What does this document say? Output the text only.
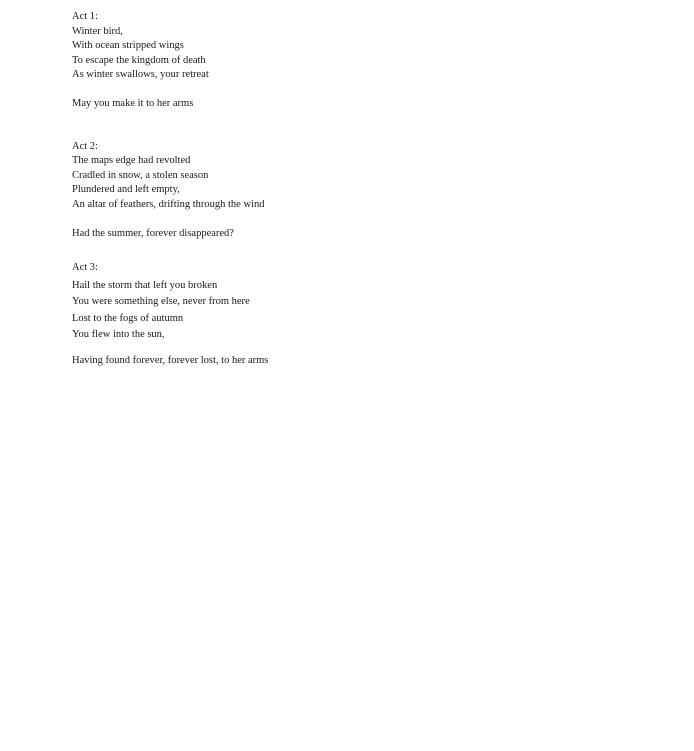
Act 1:
Winter bird,
With ocean stripped wings
To escape the kingdom of death
As winter swallows, your retreat
May you make it to her arms
Act 2:
The maps edge had revolted
Cradled in snow, a stolen season
Plundered and left empty,
An altar of feathers, drifting through the wind
Had the summer, forever disappeared?
Act 3:
Hail the storm that left you broken
You were something else, never from here
Lost to the fogs of autumn
You flew into the sun,
Having found forever, forever lost, to her arms
